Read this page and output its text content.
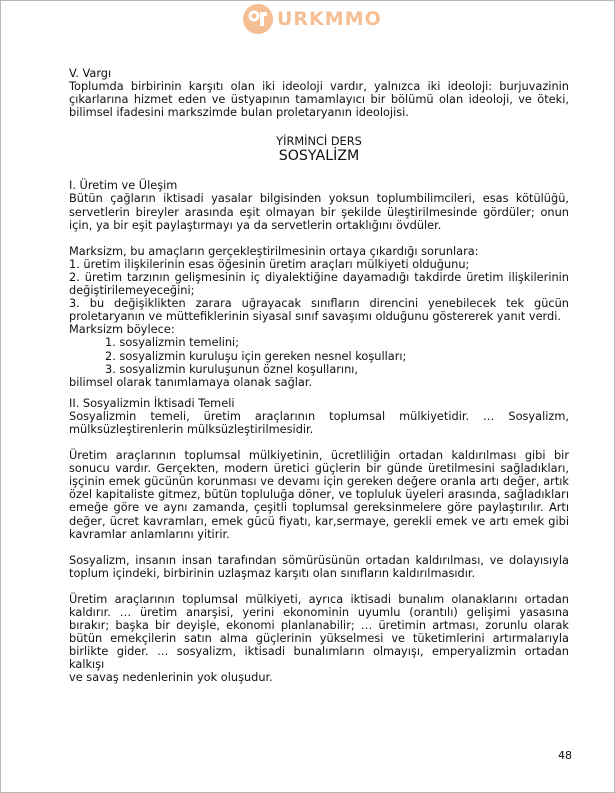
URKMMO

V. Vargı

Toplumda birbirinin karşıtı olan iki ideoloji vardır, yalnızca iki ideoloji: burjuvazinin

çıkarlarına hizmet eden ve üstyapının tamamlayıcı bir bölümü olan ideoloji, ve öteki,

bilimsel ifadesini markszimde bulan proletaryanın ideolojisi.

YİRMİNCİ DERS
SOSYALİZM

I. Üretim ve Üleşim

Bütün çağların iktisadi yasalar bilgisinden yoksun toplumbilimcileri, esas kötülüğü,

servetlerin bireyler arasında eşit olmayan bir şekilde üleştirilmesinde gördüler; onun

için, ya bir eşit paylaştırmayı ya da servetlerin ortaklığını övdüler.

Marksizm, bu amaçların gerçekleştirilmesinin ortaya çıkardığı sorunlara:

1. üretim ilişkilerinin esas öğesinin üretim araçları mülkiyeti olduğunu;

2. üretim tarzının gelişmesinin iç diyalektiğine dayamadığı takdirde üretim ilişkilerinin

değiştirilemeyeceğini;

3. bu değişiklikten zarara uğrayacak sınıfların direncini yenebilecek tek gücün

proletaryanın ve müttefiklerinin siyasal sınıf savaşımı olduğunu göstererek yanıt verdi.

Marksizm böylece:

1. sosyalizmin temelini;

2. sosyalizmin kuruluşu için gereken nesnel koşulları;

3. sosyalizmin kuruluşunun öznel koşullarını,

bilimsel olarak tanımlamaya olanak sağlar.

II. Sosyalizmin İktisadi Temeli

Sosyalizmin temeli, üretim araçlarının toplumsal mülkiyetidir. … Sosyalizm,

mülksüzleştirenlerin mülksüzleştirilmesidir.

Üretim araçlarının toplumsal mülkiyetinin, ücretliliğin ortadan kaldırılması gibi bir

sonucu vardır. Gerçekten, modern üretici güçlerin bir günde üretilmesini sağladıkları,

işçinin emek gücünün korunması ve devamı için gereken değere oranla artı değer, artık

özel kapitaliste gitmez, bütün topluluğa döner, ve topluluk üyeleri arasında, sağladıkları

emeğe göre ve aynı zamanda, çeşitli toplumsal gereksinmelere göre paylaştırılır. Artı

değer, ücret kavramları, emek gücü fiyatı, kar,sermaye, gerekli emek ve artı emek gibi

kavramlar anlamlarını yitirir.

Sosyalizm, insanın insan tarafından sömürüsünün ortadan kaldırılması, ve dolayısıyla

toplum içindeki, birbirinin uzlaşmaz karşıtı olan sınıfların kaldırılmasıdır.

Üretim araçlarının toplumsal mülkiyeti, ayrıca iktisadi bunalım olanaklarını ortadan

kaldırır. … üretim anarşisi, yerini ekonominin uyumlu (orantılı) gelişimi yasasına

bırakır; başka bir deyişle, ekonomi planlanabilir; … üretimin artması, zorunlu olarak

bütün emekçilerin satın alma güçlerinin yükselmesi ve tüketimlerini artırmalarıyla

birlikte gider. … sosyalizm, iktisadi bunalımların olmayışı, emperyalizmin ortadan kalkışı

ve savaş nedenlerinin yok oluşudur.

48
